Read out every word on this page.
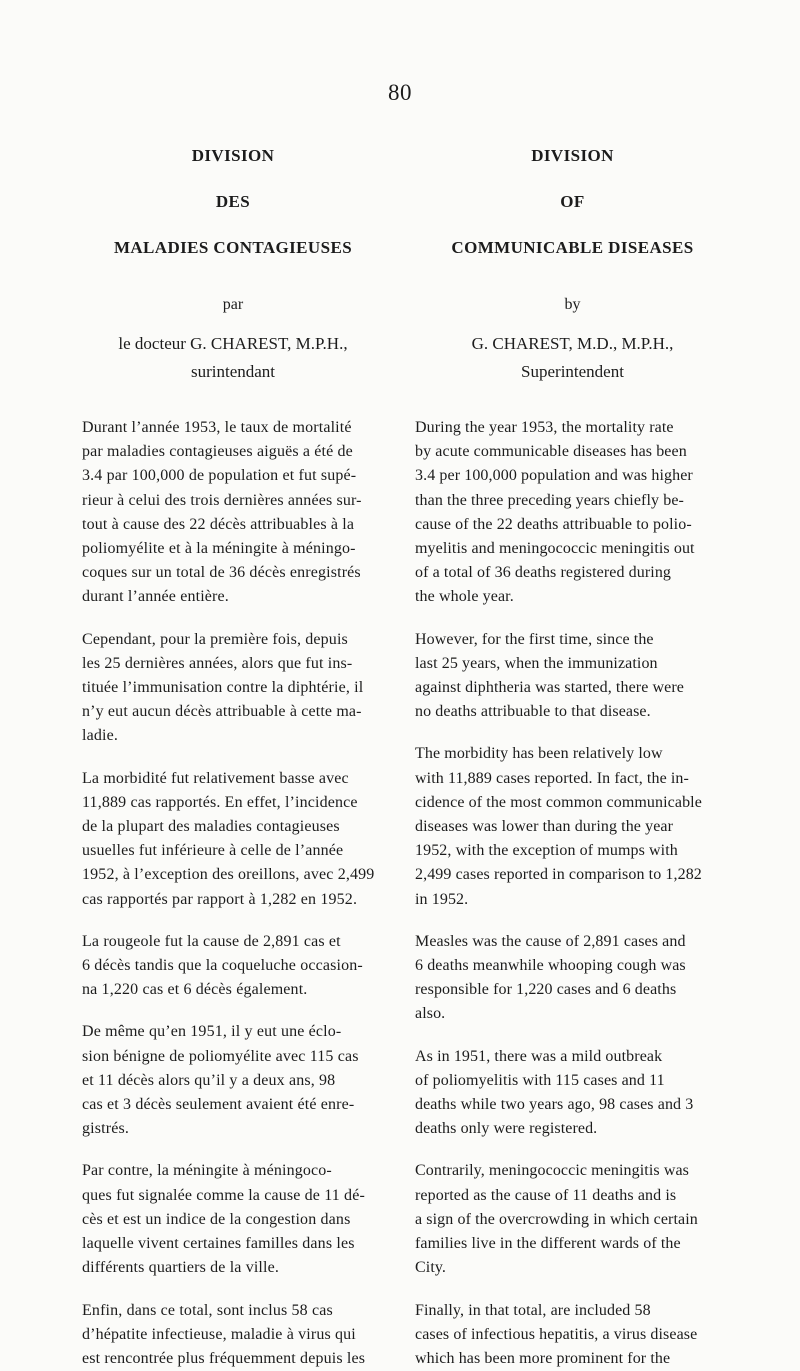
80
DIVISION
DES
MALADIES CONTAGIEUSES
par
le docteur G. CHAREST, M.P.H.,
surintendant
Durant l’année 1953, le taux de mortalité
par maladies contagieuses aiguës a été de
3.4 par 100,000 de population et fut supé-
rieur à celui des trois dernières années sur-
tout à cause des 22 décès attribuables à la
poliomyélite et à la méningite à méningo-
coques sur un total de 36 décès enregistrés
durant l’année entière.
Cependant, pour la première fois, depuis
les 25 dernières années, alors que fut ins-
tituée l’immunisation contre la diphtérie, il
n’y eut aucun décès attribuable à cette ma-
ladie.
La morbidité fut relativement basse avec
11,889 cas rapportés. En effet, l’incidence
de la plupart des maladies contagieuses
usuelles fut inférieure à celle de l’année
1952, à l’exception des oreillons, avec 2,499
cas rapportés par rapport à 1,282 en 1952.
La rougeole fut la cause de 2,891 cas et
6 décès tandis que la coqueluche occasion-
na 1,220 cas et 6 décès également.
De même qu’en 1951, il y eut une éclo-
sion bénigne de poliomyélite avec 115 cas
et 11 décès alors qu’il y a deux ans, 98
cas et 3 décès seulement avaient été enre-
gistrés.
Par contre, la méningite à méningoco-
ques fut signalée comme la cause de 11 dé-
cès et est un indice de la congestion dans
laquelle vivent certaines familles dans les
différents quartiers de la ville.
Enfin, dans ce total, sont inclus 58 cas
d’hépatite infectieuse, maladie à virus qui
est rencontrée plus fréquemment depuis les
DIVISION
OF
COMMUNICABLE DISEASES
by
G. CHAREST, M.D., M.P.H.,
Superintendent
During the year 1953, the mortality rate
by acute communicable diseases has been
3.4 per 100,000 population and was higher
than the three preceding years chiefly be-
cause of the 22 deaths attribuable to polio-
myelitis and meningococcic meningitis out
of a total of 36 deaths registered during
the whole year.
However, for the first time, since the
last 25 years, when the immunization
against diphtheria was started, there were
no deaths attribuable to that disease.
The morbidity has been relatively low
with 11,889 cases reported. In fact, the in-
cidence of the most common communicable
diseases was lower than during the year
1952, with the exception of mumps with
2,499 cases reported in comparison to 1,282
in 1952.
Measles was the cause of 2,891 cases and
6 deaths meanwhile whooping cough was
responsible for 1,220 cases and 6 deaths
also.
As in 1951, there was a mild outbreak
of poliomyelitis with 115 cases and 11
deaths while two years ago, 98 cases and 3
deaths only were registered.
Contrarily, meningococcic meningitis was
reported as the cause of 11 deaths and is
a sign of the overcrowding in which certain
families live in the different wards of the
City.
Finally, in that total, are included 58
cases of infectious hepatitis, a virus disease
which has been more prominent for the
